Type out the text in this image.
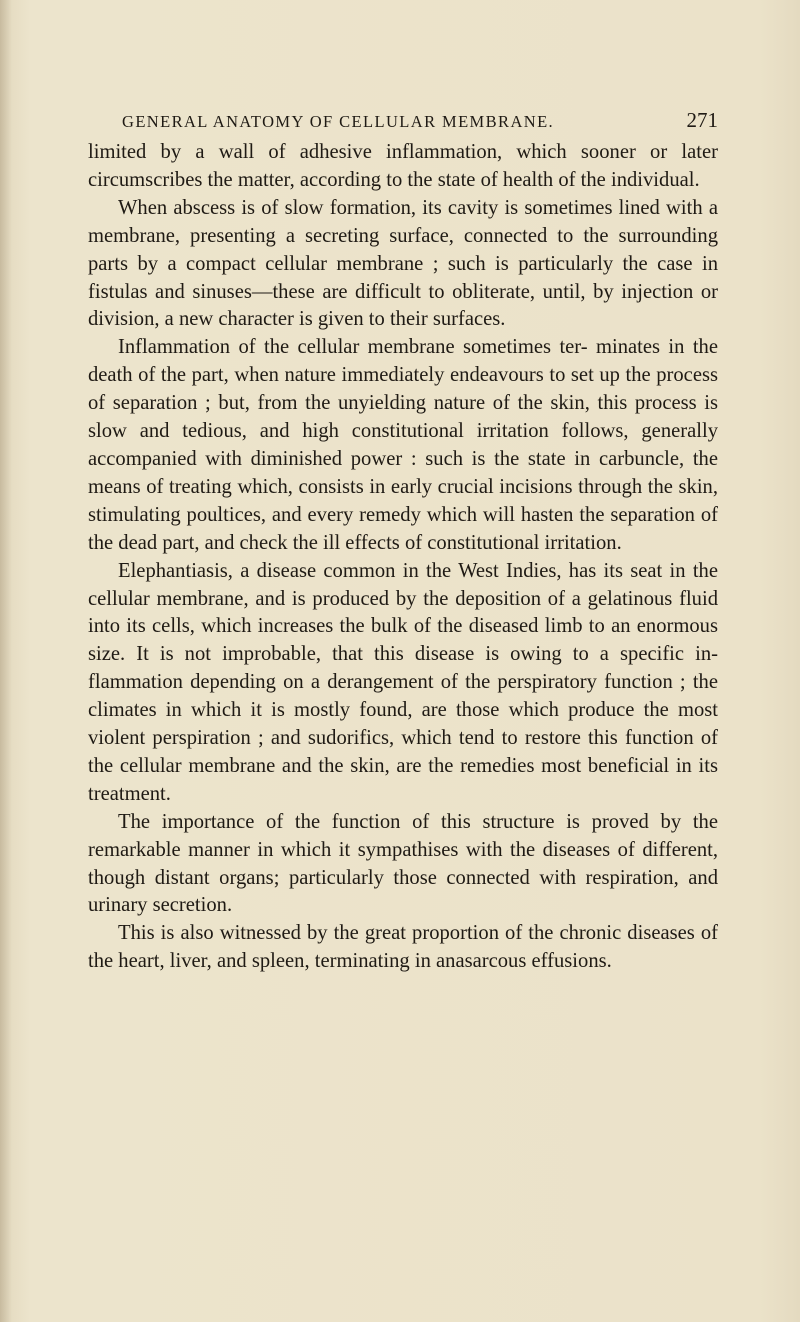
GENERAL ANATOMY OF CELLULAR MEMBRANE.	271

limited by a wall of adhesive inflammation, which sooner or later circumscribes the matter, according to the state of health of the individual.

When abscess is of slow formation, its cavity is sometimes lined with a membrane, presenting a secreting surface, connected to the surrounding parts by a compact cellular membrane ; such is particularly the case in fistulas and sinuses—these are difficult to obliterate, until, by injection or division, a new character is given to their surfaces.

Inflammation of the cellular membrane sometimes ter- minates in the death of the part, when nature immediately endeavours to set up the process of separation ; but, from the unyielding nature of the skin, this process is slow and tedious, and high constitutional irritation follows, generally accompanied with diminished power : such is the state in carbuncle, the means of treating which, consists in early crucial incisions through the skin, stimulating poultices, and every remedy which will hasten the separation of the dead part, and check the ill effects of constitutional irritation.

Elephantiasis, a disease common in the West Indies, has its seat in the cellular membrane, and is produced by the deposition of a gelatinous fluid into its cells, which increases the bulk of the diseased limb to an enormous size. It is not improbable, that this disease is owing to a specific in- flammation depending on a derangement of the perspiratory function ; the climates in which it is mostly found, are those which produce the most violent perspiration ; and sudorifics, which tend to restore this function of the cellular membrane and the skin, are the remedies most beneficial in its treatment.

The importance of the function of this structure is proved by the remarkable manner in which it sympathises with the diseases of different, though distant organs; particularly those connected with respiration, and urinary secretion.

This is also witnessed by the great proportion of the chronic diseases of the heart, liver, and spleen, terminating in anasarcous effusions.
